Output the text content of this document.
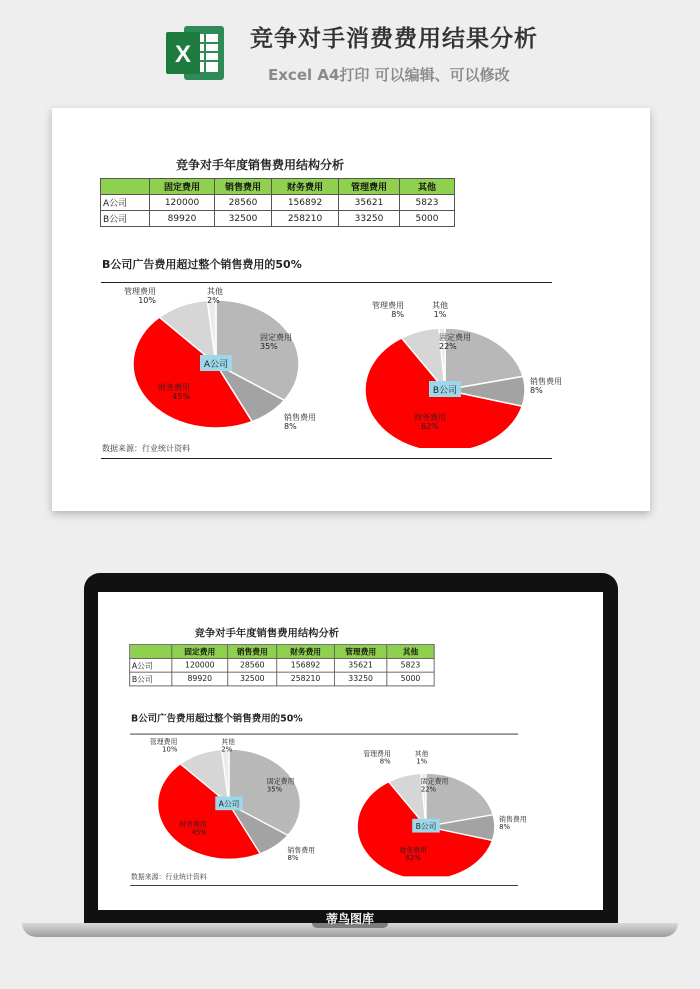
X
竞争对手消费费用结果分析
Excel A4打印 可以编辑、可以修改
竞争对手年度销售费用结构分析
	固定费用	销售费用	财务费用	管理费用	其他
A公司	120000	28560	156892	35621	5823
B公司	89920	32500	258210	33250	5000
B公司广告费用超过整个销售费用的50%
固定费用
35%
销售费用
8%
财务费用
45%
管理费用
10%
其他
2%
A公司
固定费用
22%
销售费用
8%
财务费用
62%
管理费用
8%
其他
1%
B公司
数据来源：行业统计资料
竞争对手年度销售费用结构分析
	固定费用	销售费用	财务费用	管理费用	其他
A公司	120000	28560	156892	35621	5823
B公司	89920	32500	258210	33250	5000
B公司广告费用超过整个销售费用的50%
固定费用
35%
销售费用
8%
财务费用
45%
管理费用
10%
其他
2%
A公司
固定费用
22%
销售费用
8%
财务费用
62%
管理费用
8%
其他
1%
B公司
数据来源：行业统计资料
蒂鸟图库
